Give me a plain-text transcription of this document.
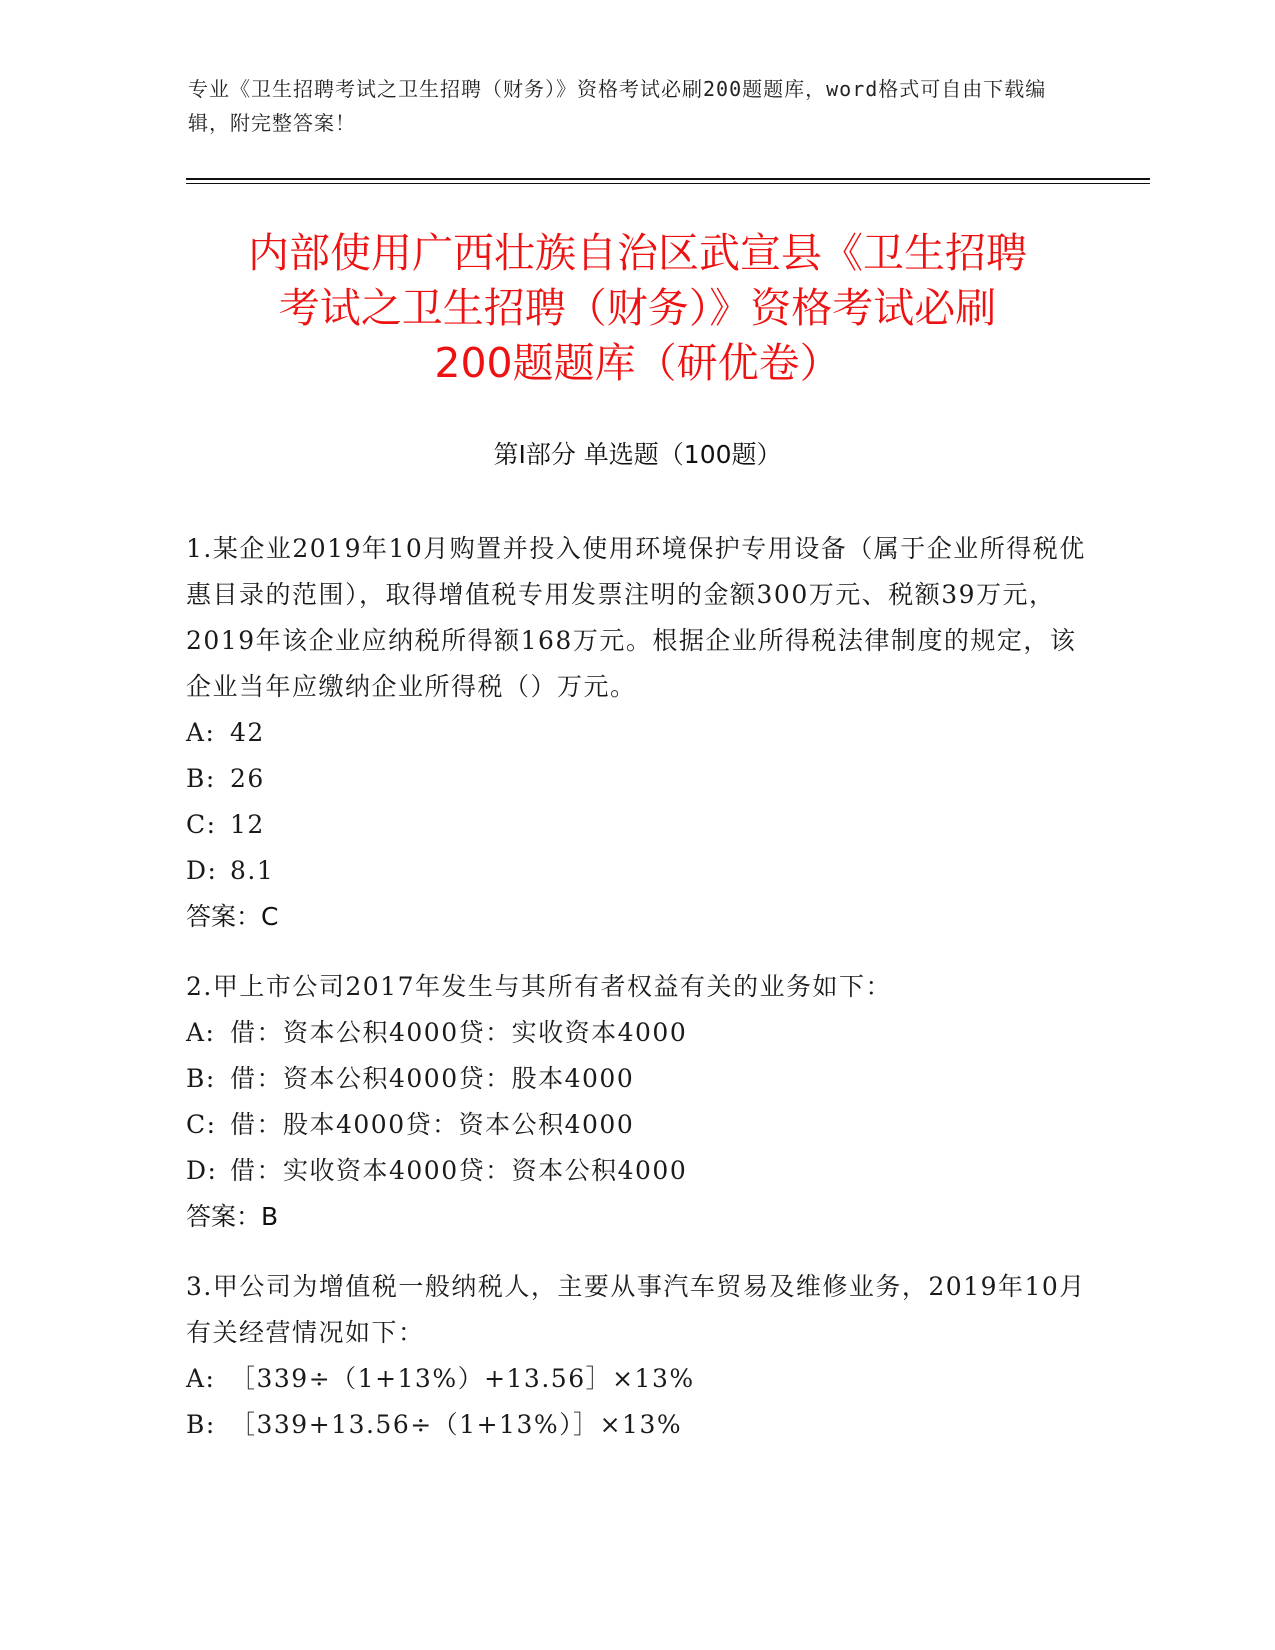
专业《卫生招聘考试之卫生招聘（财务）》资格考试必刷200题题库，word格式可自由下载编辑，附完整答案！
内部使用广西壮族自治区武宣县《卫生招聘
考试之卫生招聘（财务）》资格考试必刷
200题题库（研优卷）
第Ⅰ部分 单选题（100题）
1.某企业2019年10月购置并投入使用环境保护专用设备（属于企业所得税优惠目录的范围），取得增值税专用发票注明的金额300万元、税额39万元，2019年该企业应纳税所得额168万元。根据企业所得税法律制度的规定，该企业当年应缴纳企业所得税（）万元。
A: 42
B: 26
C: 12
D: 8.1
答案：C
2.甲上市公司2017年发生与其所有者权益有关的业务如下：
A: 借：资本公积4000贷：实收资本4000
B: 借：资本公积4000贷：股本4000
C: 借：股本4000贷：资本公积4000
D: 借：实收资本4000贷：资本公积4000
答案：B
3.甲公司为增值税一般纳税人，主要从事汽车贸易及维修业务，2019年10月有关经营情况如下：
A: ［339÷（1+13%）+13.56］×13%
B: ［339+13.56÷（1+13%）］×13%
